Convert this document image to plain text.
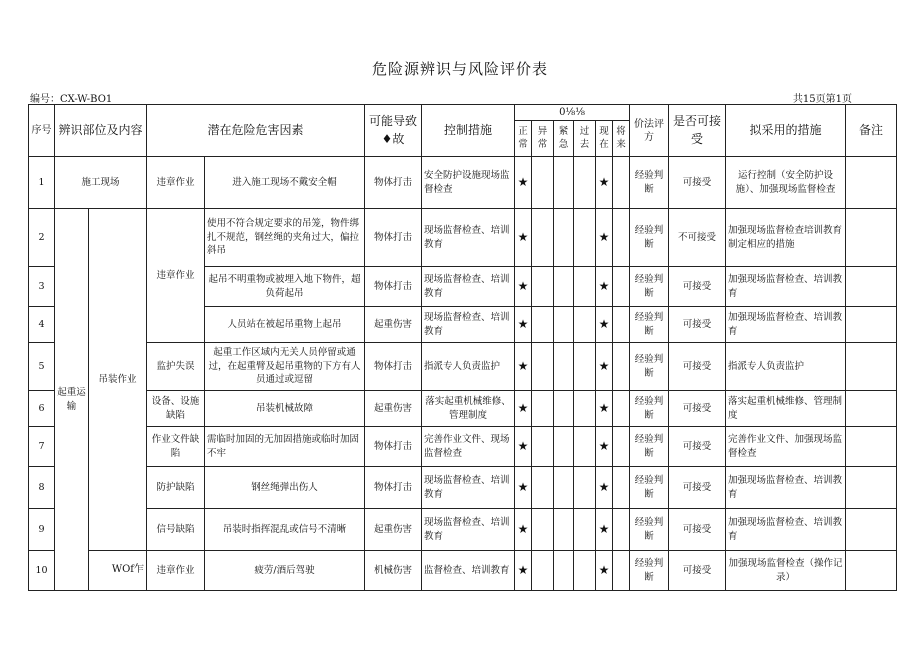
危险源辨识与风险评价表
编号：CX-W-BO1	共15页第1页
序号	辨识部位及内容		潜在危险危害因素		可能导致♦故	控制措施	0⅛⅛						价法评方	是否可接受	拟采用的措施	备注
							正常	异常	紧急	过去	现在	将来				
1	施工现场		违章作业	进入施工现场不戴安全帽	物体打击	安全防护设施现场监督检查	★				★		经验判断	可接受	运行控制（安全防护设施）、加强现场监督检查	
2	起重运输	吊装作业	违章作业	使用不符合规定要求的吊笼，物件绑扎不规范，钢丝绳的夹角过大，偏拉斜吊	物体打击	现场监督检查、培训教育	★				★		经验判断	不可接受	加强现场监督检查培训教育制定相应的措施	
3				起吊不明重物或被埋入地下物件，超负荷起吊	物体打击	现场监督检查、培训教育	★				★		经验判断	可接受	加强现场监督检查、培训教育	
4				人员站在被起吊重物上起吊	起重伤害	现场监督检查、培训教育	★				★		经验判断	可接受	加强现场监督检查、培训教育	
5			监护失误	起重工作区域内无关人员停留或通过，在起重臂及起吊重物的下方有人员通过或逗留	物体打击	指派专人负责监护	★				★		经验判断	可接受	指派专人负责监护	
6			设备、设施缺陷	吊装机械故障	起重伤害	落实起重机械维修、管理制度	★				★		经验判断	可接受	落实起重机械维修、管理制度	
7			作业文件缺陷	需临时加固的无加固措施或临时加固不牢	物体打击	完善作业文件、现场监督检查	★				★		经验判断	可接受	完善作业文件、加强现场监督检查	
8			防护缺陷	钢丝绳弹出伤人	物体打击	现场监督检查、培训教育	★				★		经验判断	可接受	加强现场监督检查、培训教育	
9			信号缺陷	吊装时指挥混乱或信号不清晰	起重伤害	现场监督检查、培训教育	★				★		经验判断	可接受	加强现场监督检查、培训教育	
10		WOf乍	违章作业	疲劳/酒后驾驶	机械伤害	监督检查、培训教育	★				★		经验判断	可接受	加强现场监督检查（操作记录）	
